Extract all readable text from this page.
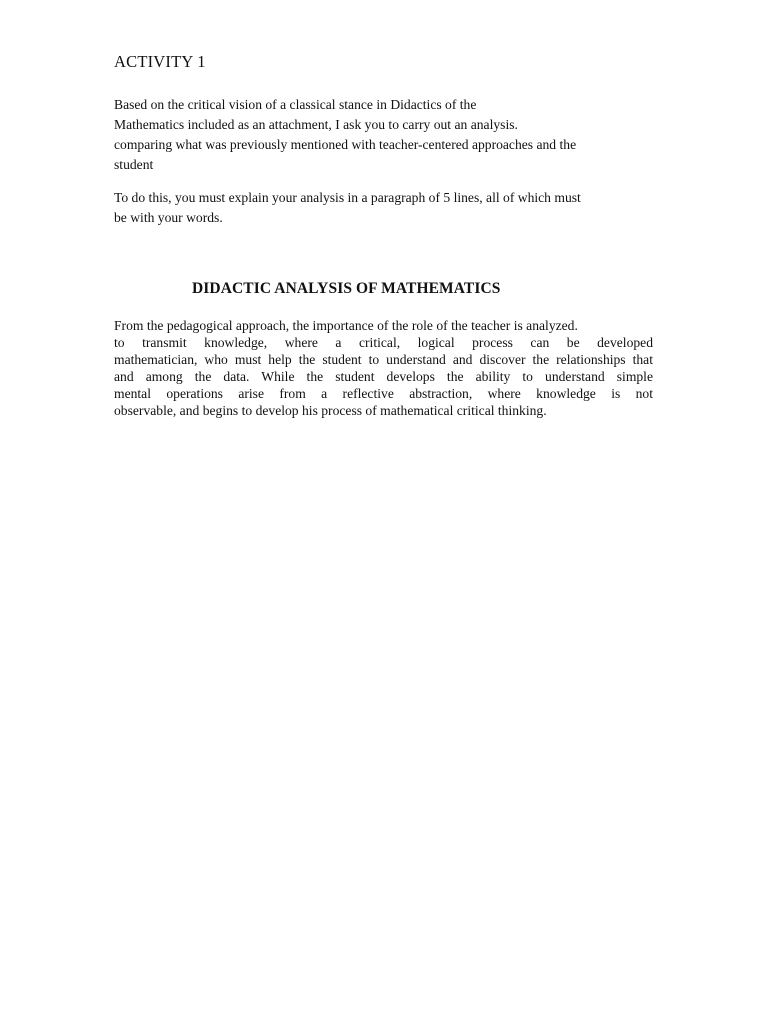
ACTIVITY 1
Based on the critical vision of a classical stance in Didactics of the
Mathematics included as an attachment, I ask you to carry out an analysis.
comparing what was previously mentioned with teacher-centered approaches and the
student
To do this, you must explain your analysis in a paragraph of 5 lines, all of which must
be with your words.
DIDACTIC ANALYSIS OF MATHEMATICS
From the pedagogical approach, the importance of the role of the teacher is analyzed.
to transmit knowledge, where a critical, logical process can be developed
mathematician, who must help the student to understand and discover the relationships that
and among the data. While the student develops the ability to understand simple
mental operations arise from a reflective abstraction, where knowledge is not
observable, and begins to develop his process of mathematical critical thinking.
